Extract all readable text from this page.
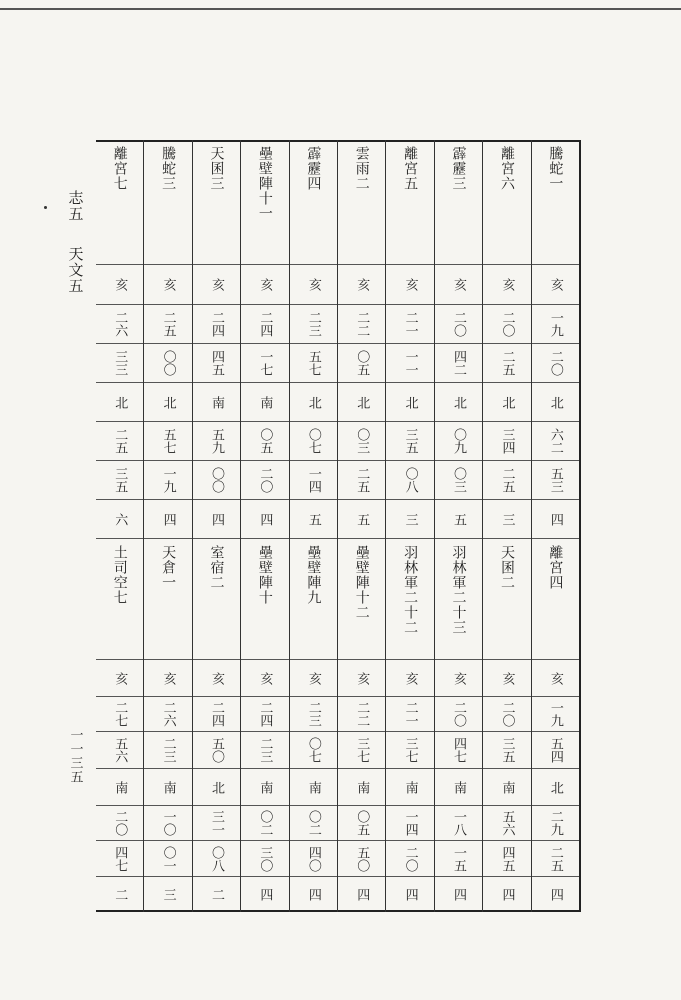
志五
天文五
一一三五
離宮七
亥
二六
三三
北
二五
三五
六
土司空七
亥
二七
五六
南
二〇
四七
二
騰蛇三
亥
二五
〇〇
北
五七
一九
四
天倉一
亥
二六
二三
南
一〇
〇一
三
天囷三
亥
二四
四五
南
五九
〇〇
四
室宿二
亥
二四
五〇
北
三一
〇八
二
壘壁陣十一
亥
二四
一七
南
〇五
二〇
四
壘壁陣十
亥
二四
二三
南
〇二
三〇
四
霹靂四
亥
二三
五七
北
〇七
一四
五
壘壁陣九
亥
二三
〇七
南
〇二
四〇
四
雲雨二
亥
二二
〇五
北
〇三
二五
五
壘壁陣十二
亥
二二
三七
南
〇五
五〇
四
離宮五
亥
二一
一一
北
三五
〇八
三
羽林軍二十二
亥
二一
三七
南
一四
二〇
四
霹靂三
亥
二〇
四二
北
〇九
〇三
五
羽林軍二十三
亥
二〇
四七
南
一八
一五
四
離宮六
亥
二〇
二五
北
三四
二五
三
天囷二
亥
二〇
三五
南
五六
四五
四
騰蛇一
亥
一九
二〇
北
六二
五三
四
離宮四
亥
一九
五四
北
二九
二五
四
